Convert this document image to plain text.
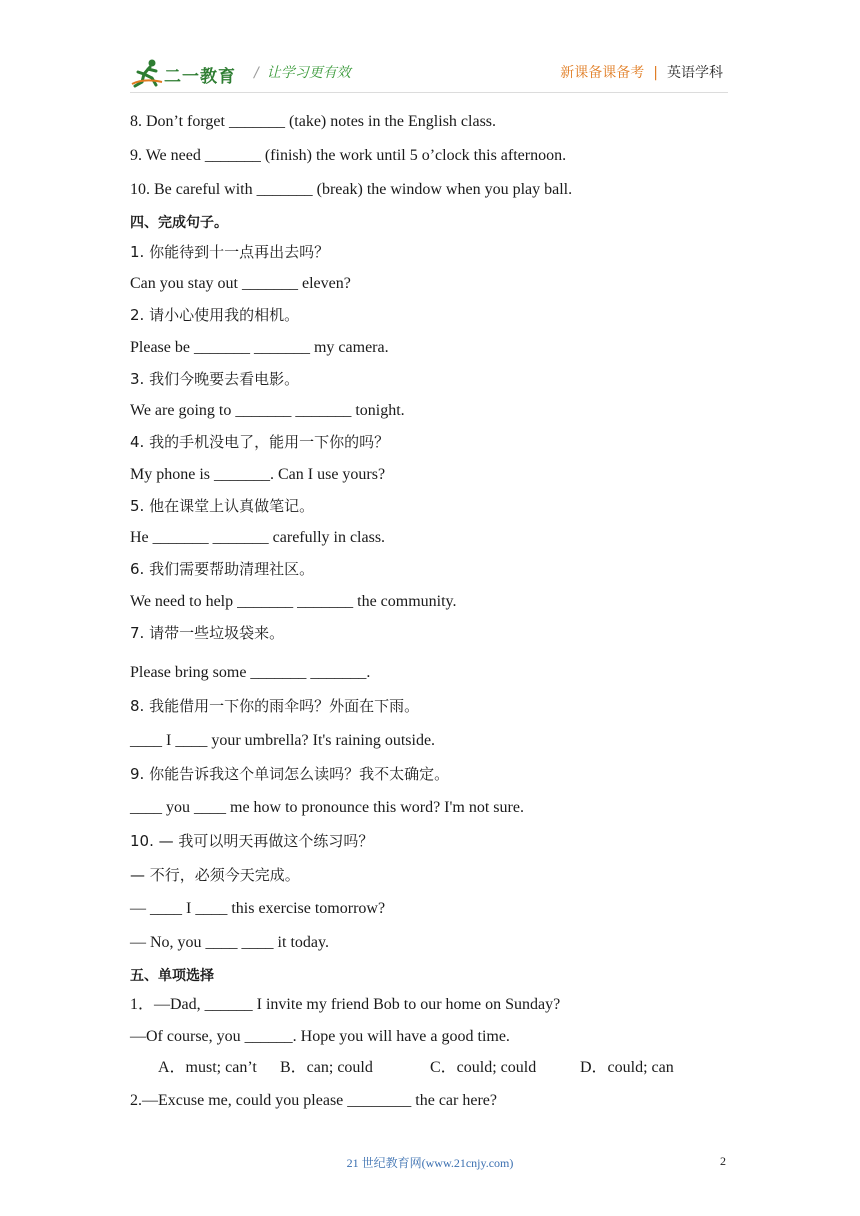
二一教育 / 让学习更有效	新课备课备考 | 英语学科
8. Don’t forget _______ (take) notes in the English class.
9. We need _______ (finish) the work until 5 o’clock this afternoon.
10. Be careful with _______ (break) the window when you play ball.
四、完成句子。
1. 你能待到十一点再出去吗？
Can you stay out _______ eleven?
2. 请小心使用我的相机。
Please be _______ _______ my camera.
3. 我们今晚要去看电影。
We are going to _______ _______ tonight.
4. 我的手机没电了，能用一下你的吗？
My phone is _______. Can I use yours?
5. 他在课堂上认真做笔记。
He _______ _______ carefully in class.
6. 我们需要帮助清理社区。
We need to help _______ _______ the community.
7. 请带一些垃圾袋来。
Please bring some _______ _______.
8. 我能借用一下你的雨伞吗？外面在下雨。
____ I ____ your umbrella? It's raining outside.
9. 你能告诉我这个单词怎么读吗？我不太确定。
____ you ____ me how to pronounce this word? I'm not sure.
10. — 我可以明天再做这个练习吗？
— 不行，必须今天完成。
— ____ I ____ this exercise tomorrow?
— No, you ____ ____ it today.
五、单项选择
1．—Dad, ______ I invite my friend Bob to our home on Sunday?
—Of course, you ______. Hope you will have a good time.
A．must; can’t B．can; could	C．could; could	D．could; can
2.—Excuse me, could you please ________ the car here?
21 世纪教育网(www.21cnjy.com)	2
